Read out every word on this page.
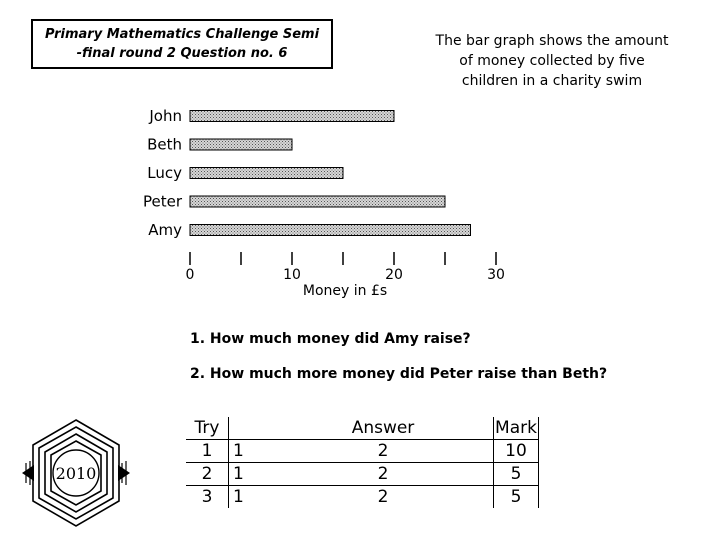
Primary Mathematics Challenge Semi
-final round 2 Question no. 6
The bar graph shows the amount
of money collected by five
children in a charity swim
John
Beth
Lucy
Peter
Amy
0	10	20	30
Money in £s
1. How much money did Amy raise?
2. How much more money did Peter raise than Beth?
Try		Answer	Mark
1	1	2	10
2	1	2	5
3	1	2	5
2010
